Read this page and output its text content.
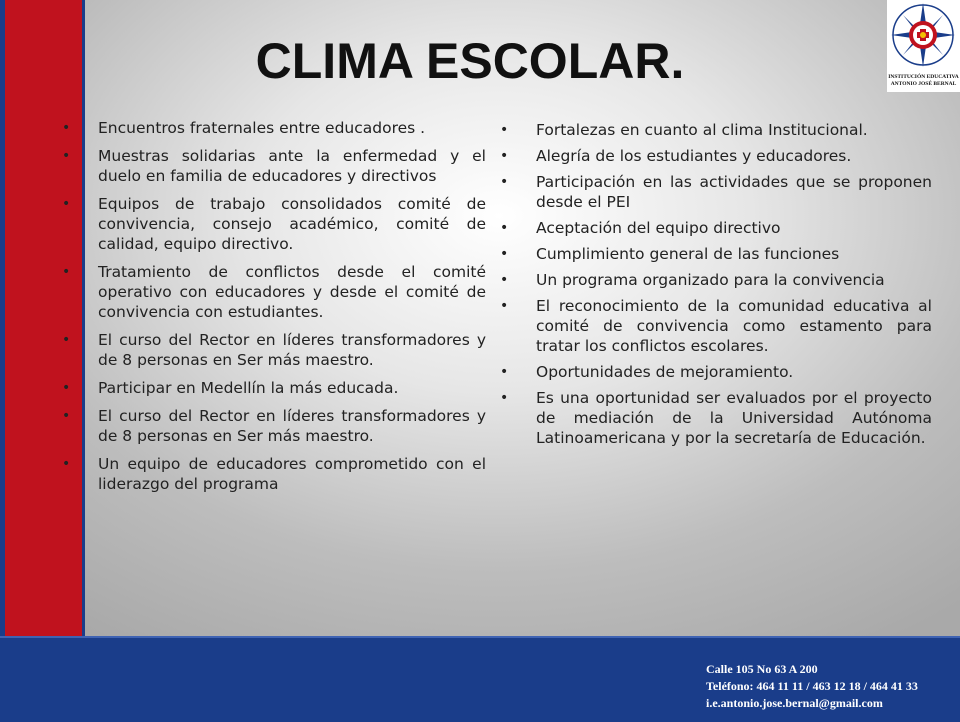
CLIMA ESCOLAR.	INSTITUCIÓN EDUCATIVA
ANTONIO JOSÉ BERNAL
• Encuentros fraternales entre educadores .
• Muestras solidarias ante la enfermedad y el duelo en familia de educadores y directivos
• Equipos de trabajo consolidados comité de convivencia, consejo académico, comité de calidad, equipo directivo.
• Tratamiento de conflictos desde el comité operativo con educadores y desde el comité de convivencia con estudiantes.
• El curso del Rector en líderes transformadores y de 8 personas en Ser más maestro.
• Participar en Medellín la más educada.
• El curso del Rector en líderes transformadores y de 8 personas en Ser más maestro.
• Un equipo de educadores comprometido con el liderazgo del programa
• Fortalezas en cuanto al clima Institucional.
• Alegría de los estudiantes y educadores.
• Participación en las actividades que se proponen desde el PEI
• Aceptación del equipo directivo
• Cumplimiento general de las funciones
• Un programa organizado para la convivencia
• El reconocimiento de la comunidad educativa al comité de convivencia como estamento para tratar los conflictos escolares.
• Oportunidades de mejoramiento.
• Es una oportunidad ser evaluados por el proyecto de mediación de la Universidad Autónoma Latinoamericana y por la secretaría de Educación.
Calle 105 No 63 A 200
Teléfono: 464 11 11 / 463 12 18 / 464 41 33
i.e.antonio.jose.bernal@gmail.com
